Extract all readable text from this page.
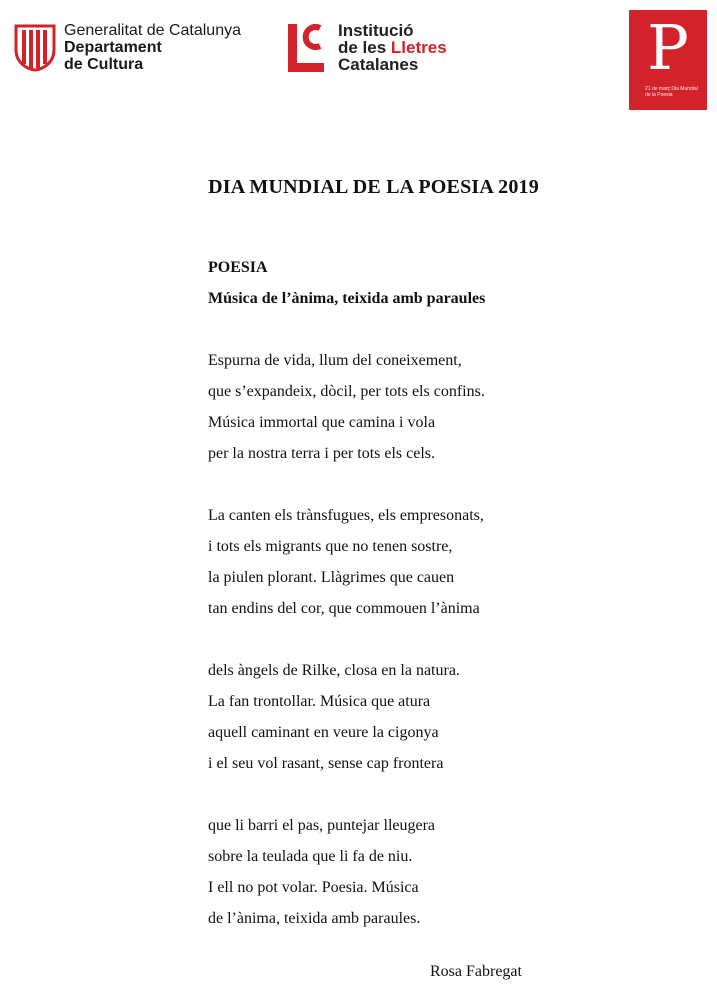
Generalitat de Catalunya
Departament
de Cultura
Institució
de les Lletres
Catalanes	P
21 de març Dia Mundial de la Poesia
DIA MUNDIAL DE LA POESIA 2019
POESIA
Música de l’ànima, teixida amb paraules
Espurna de vida, llum del coneixement,
que s’expandeix, dòcil, per tots els confins.
Música immortal que camina i vola
per la nostra terra i per tots els cels.
La canten els trànsfugues, els empresonats,
i tots els migrants que no tenen sostre,
la piulen plorant. Llàgrimes que cauen
tan endins del cor, que commouen l’ànima
dels àngels de Rilke, closa en la natura.
La fan trontollar. Música que atura
aquell caminant en veure la cigonya
i el seu vol rasant, sense cap frontera
que li barri el pas, puntejar lleugera
sobre la teulada que li fa de niu.
I ell no pot volar. Poesia. Música
de l’ànima, teixida amb paraules.
Rosa Fabregat
